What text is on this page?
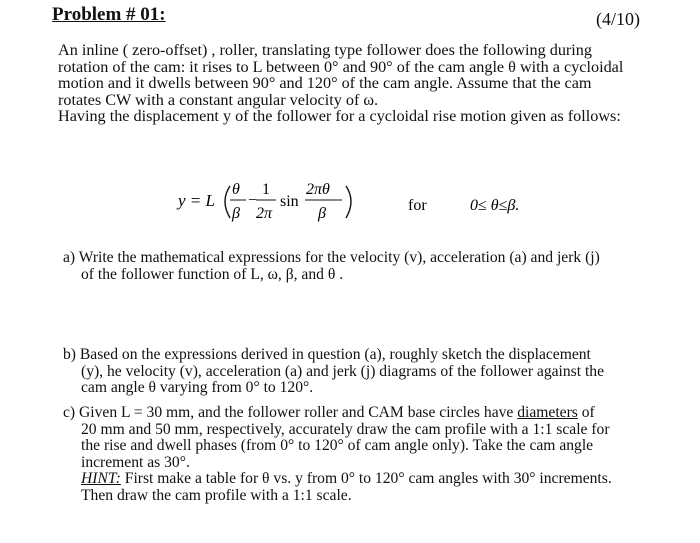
Problem # 01:	(4/10)
An inline ( zero-offset) , roller, translating type follower does the following during
rotation of the cam: it rises to L between 0° and 90° of the cam angle θ with a cycloidal
motion and it dwells between 90° and 120° of the cam angle. Assume that the cam
rotates CW with a constant angular velocity of ω.
Having the displacement y of the follower for a cycloidal rise motion given as follows:
y = L
θ
β
−
1
2π
sin
2πθ
β	for	0≤ θ≤β.
a) Write the mathematical expressions for the velocity (v), acceleration (a) and jerk (j)
of the follower function of L, ω, β, and θ .
b) Based on the expressions derived in question (a), roughly sketch the displacement
(y), he velocity (v), acceleration (a) and jerk (j) diagrams of the follower against the
cam angle θ varying from 0° to 120°.
c) Given L = 30 mm, and the follower roller and CAM base circles have diameters of
20 mm and 50 mm, respectively, accurately draw the cam profile with a 1:1 scale for
the rise and dwell phases (from 0° to 120° of cam angle only). Take the cam angle
increment as 30°.
HINT: First make a table for θ vs. y from 0° to 120° cam angles with 30° increments.
Then draw the cam profile with a 1:1 scale.
